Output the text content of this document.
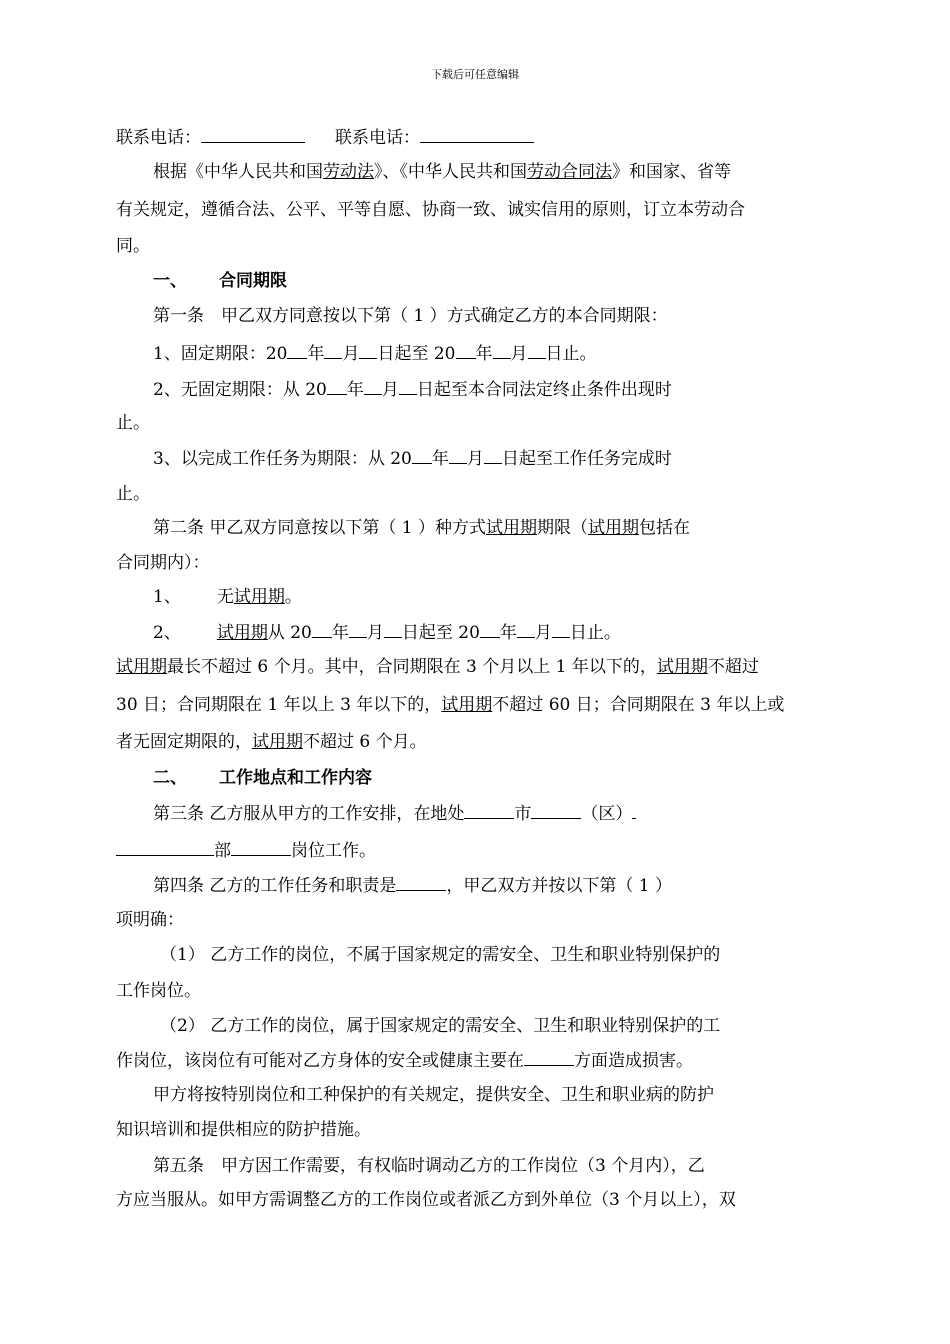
下载后可任意编辑
联系电话：	联系电话：
根据《中华人民共和国劳动法》、《中华人民共和国劳动合同法》和国家、省等
有关规定，遵循合法、公平、平等自愿、协商一致、诚实信用的原则，订立本劳动合
同。
一、 合同期限
第一条　甲乙双方同意按以下第（ 1 ）方式确定乙方的本合同期限：
1、固定期限：20 年 月 日起至 20 年 月 日止。
2、无固定期限：从 20 年 月 日起至本合同法定终止条件出现时
止。
3、以完成工作任务为期限：从 20 年 月 日起至工作任务完成时
止。
第二条 甲乙双方同意按以下第（ 1 ）种方式试用期期限（试用期包括在
合同期内）：
1、 无试用期。
2、 试用期从 20 年 月 日起至 20 年 月 日止。
试用期最长不超过 6 个月。其中，合同期限在 3 个月以上 1 年以下的，试用期不超过
30 日；合同期限在 1 年以上 3 年以下的，试用期不超过 60 日；合同期限在 3 年以上或
者无固定期限的，试用期不超过 6 个月。
二、 工作地点和工作内容
第三条 乙方服从甲方的工作安排，在地处	市	（区）
部	岗位工作。
第四条 乙方的工作任务和职责是	，甲乙双方并按以下第（ 1 ）
项明确：
（1） 乙方工作的岗位，不属于国家规定的需安全、卫生和职业特别保护的
工作岗位。
（2） 乙方工作的岗位，属于国家规定的需安全、卫生和职业特别保护的工
作岗位，该岗位有可能对乙方身体的安全或健康主要在	方面造成损害。
甲方将按特别岗位和工种保护的有关规定，提供安全、卫生和职业病的防护
知识培训和提供相应的防护措施。
第五条　甲方因工作需要，有权临时调动乙方的工作岗位（3 个月内），乙
方应当服从。如甲方需调整乙方的工作岗位或者派乙方到外单位（3 个月以上），双
